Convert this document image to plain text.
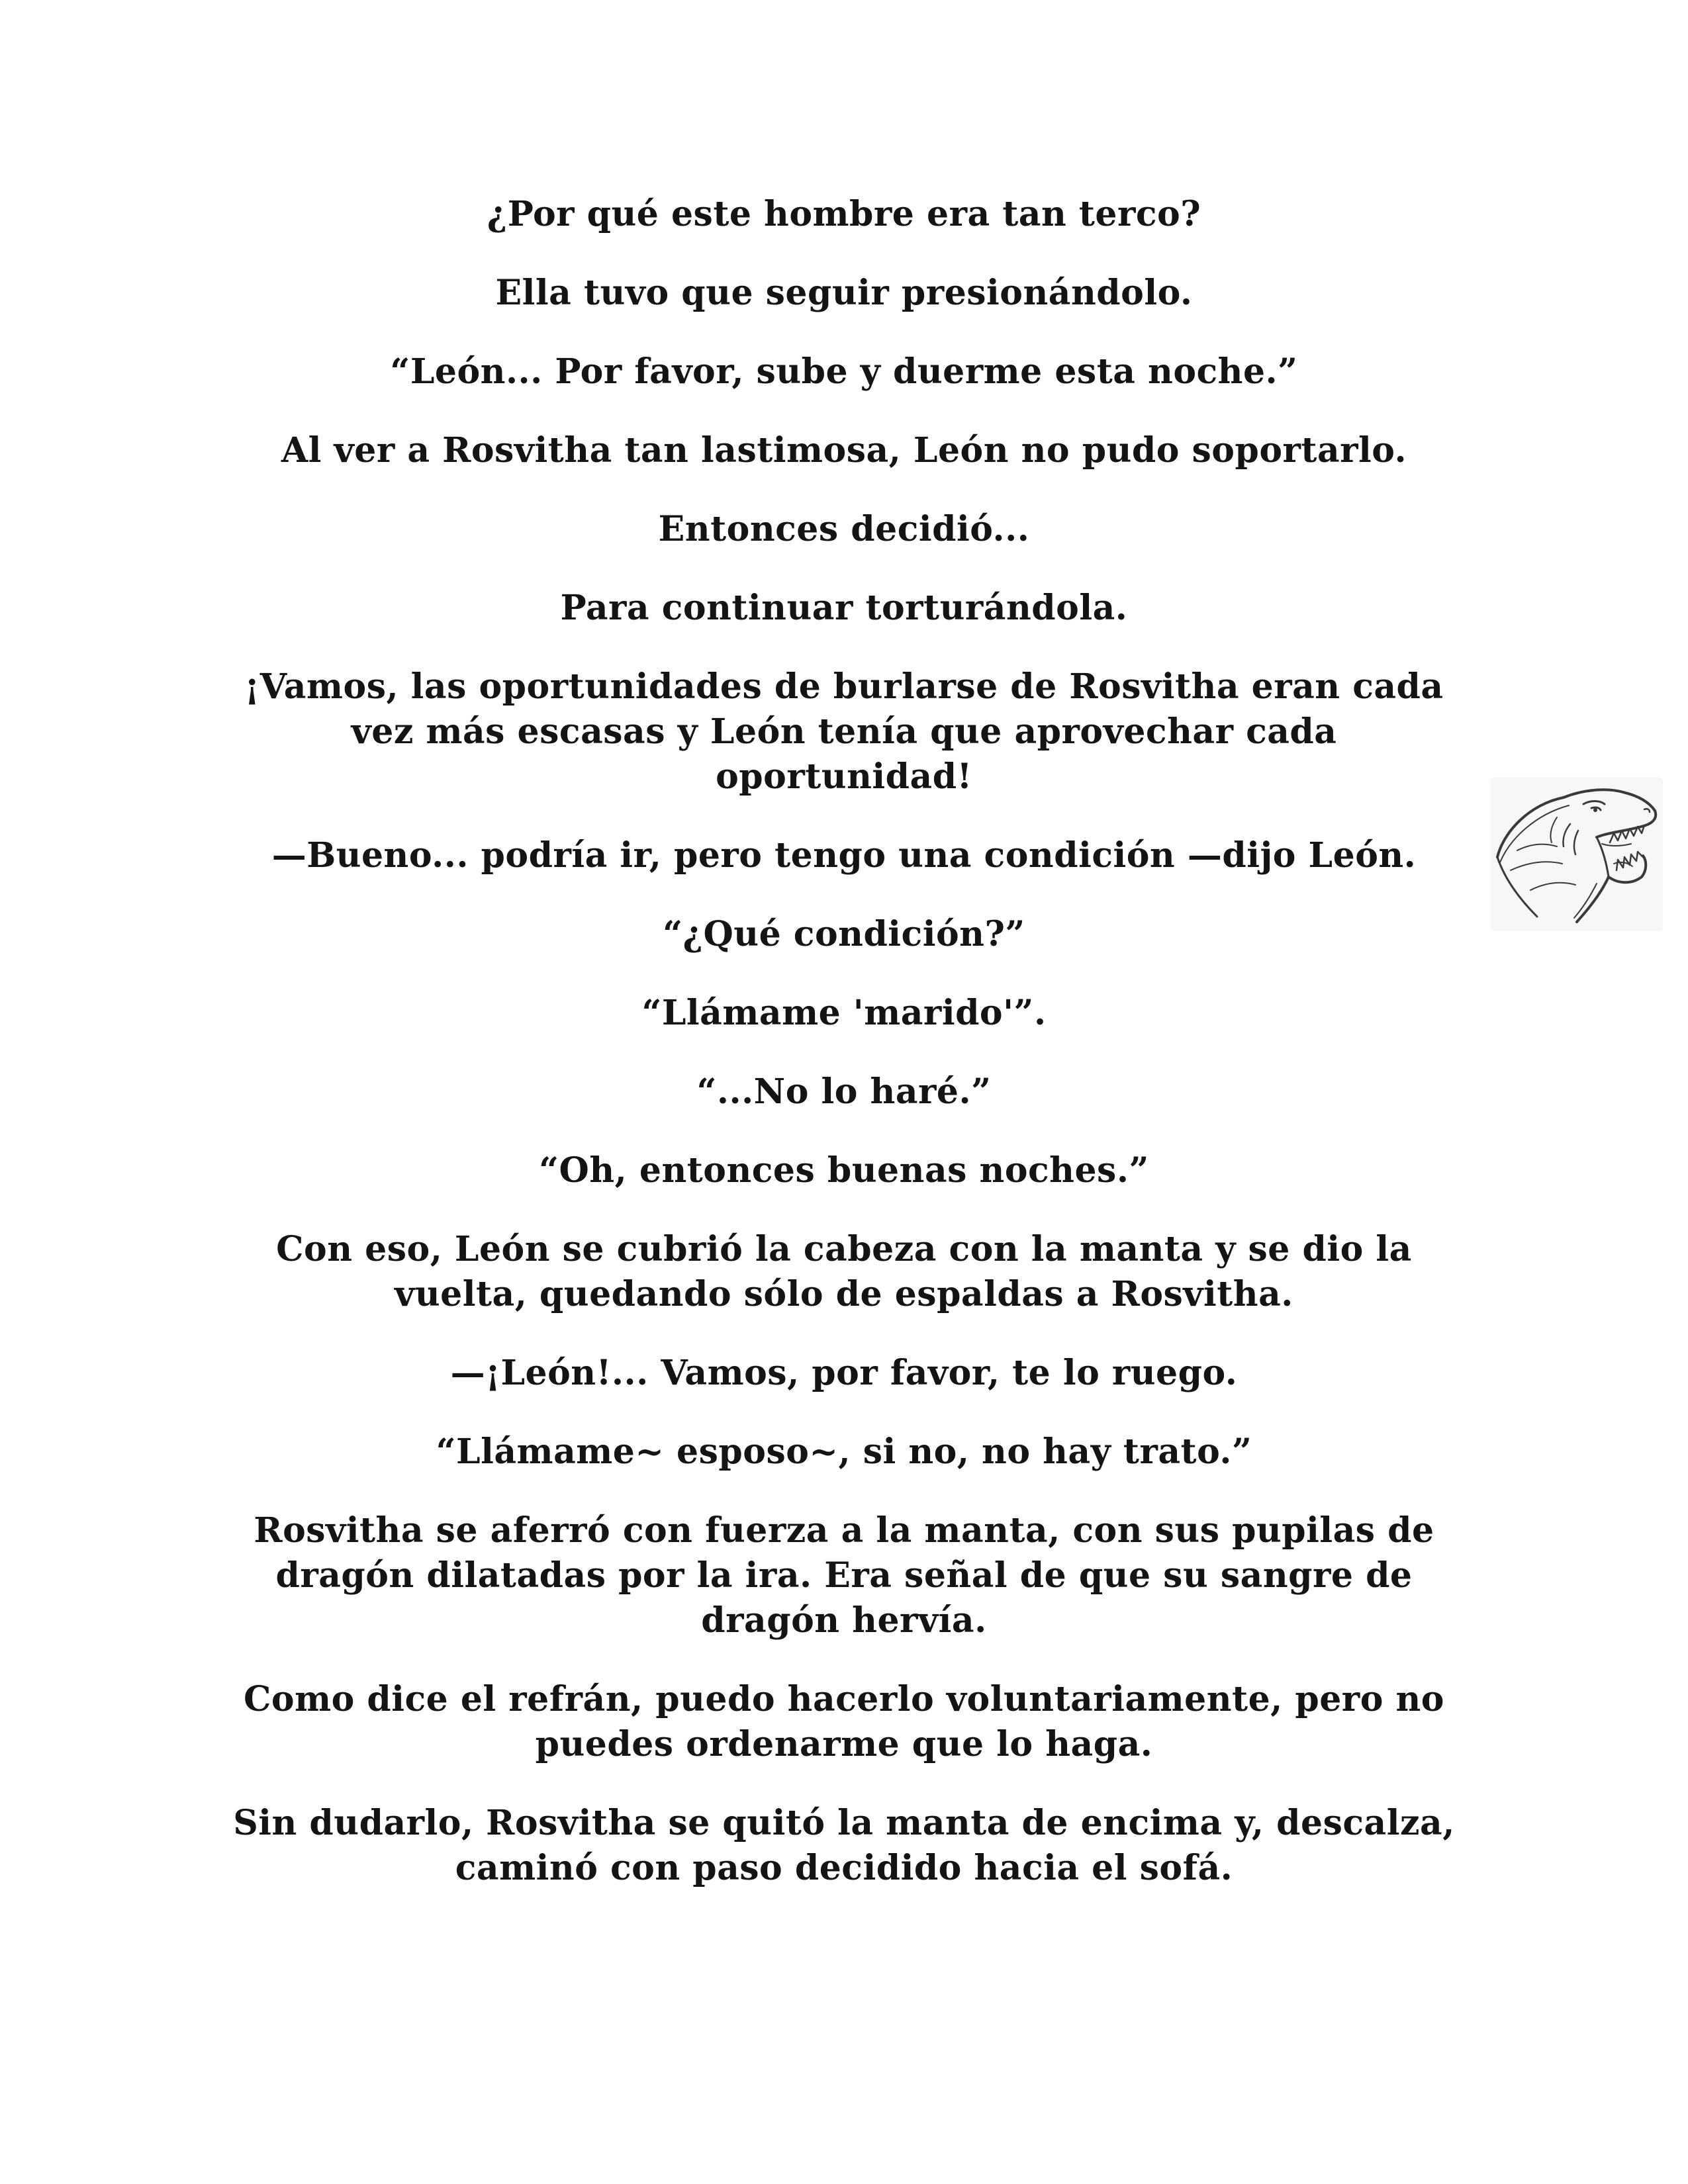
¿Por qué este hombre era tan terco?

Ella tuvo que seguir presionándolo.

“León... Por favor, sube y duerme esta noche.”

Al ver a Rosvitha tan lastimosa, León no pudo soportarlo.

Entonces decidió...

Para continuar torturándola.

¡Vamos, las oportunidades de burlarse de Rosvitha eran cada vez más escasas y León tenía que aprovechar cada oportunidad!

—Bueno... podría ir, pero tengo una condición —dijo León.

“¿Qué condición?”

“Llámame 'marido'”.

“...No lo haré.”

“Oh, entonces buenas noches.”

Con eso, León se cubrió la cabeza con la manta y se dio la vuelta, quedando sólo de espaldas a Rosvitha.

—¡León!... Vamos, por favor, te lo ruego.

“Llámame~ esposo~, si no, no hay trato.”

Rosvitha se aferró con fuerza a la manta, con sus pupilas de dragón dilatadas por la ira. Era señal de que su sangre de dragón hervía.

Como dice el refrán, puedo hacerlo voluntariamente, pero no puedes ordenarme que lo haga.

Sin dudarlo, Rosvitha se quitó la manta de encima y, descalza, caminó con paso decidido hacia el sofá.
